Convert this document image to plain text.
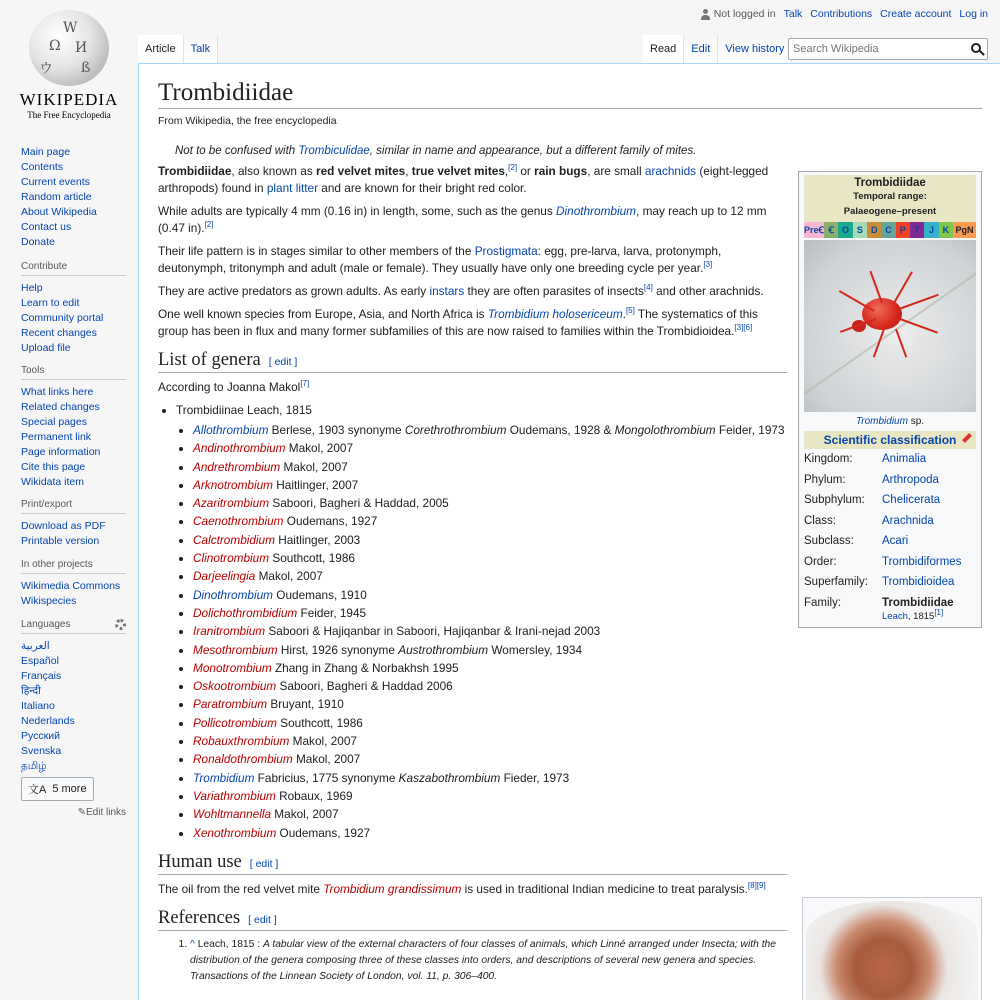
Ω И
W
ウ ß
WIKIPEDIA
The Free Encyclopedia
Main page
Contents
Current events
Random article
About Wikipedia
Contact us
Donate
Contribute
Help
Learn to edit
Community portal
Recent changes
Upload file
Tools
What links here
Related changes
Special pages
Permanent link
Page information
Cite this page
Wikidata item
Print/export
Download as PDF
Printable version
In other projects
Wikimedia Commons
Wikispecies
Languages
العربية
Español
Français
हिन्दी
Italiano
Nederlands
Русский
Svenska
தமிழ்
文A 5 more
✎Edit links
Not logged in Talk Contributions Create account Log in
Article	Talk	Read	Edit	View history
Search Wikipedia
Trombidiidae
From Wikipedia, the free encyclopedia
Not to be confused with Trombiculidae, similar in name and appearance, but a different family of mites.

Trombidiidae, also known as red velvet mites, true velvet mites,[2] or rain bugs, are small arachnids (eight-legged arthropods) found in plant litter and are known for their bright red color.

While adults are typically 4 mm (0.16 in) in length, some, such as the genus Dinothrombium, may reach up to 12 mm (0.47 in).[2]

Their life pattern is in stages similar to other members of the Prostigmata: egg, pre-larva, larva, protonymph, deutonymph, tritonymph and adult (male or female). They usually have only one breeding cycle per year.[3]

They are active predators as grown adults. As early instars they are often parasites of insects[4] and other arachnids.

One well known species from Europe, Asia, and North Africa is Trombidium holosericeum.[5] The systematics of this group has been in flux and many former subfamilies of this are now raised to families within the Trombidioidea.[3][6]

List of genera [ edit ]

According to Joanna Makol[7]

• Trombidiinae Leach, 1815
• Allothrombium Berlese, 1903 synonyme Corethrothrombium Oudemans, 1928 & Mongolothrombium Feider, 1973
• Andinothrombium Makol, 2007
• Andrethrombium Makol, 2007
• Arknotrombium Haitlinger, 2007
• Azaritrombium Saboori, Bagheri & Haddad, 2005
• Caenothrombium Oudemans, 1927
• Calctrombidium Haitlinger, 2003
• Clinotrombium Southcott, 1986
• Darjeelingia Makol, 2007
• Dinothrombium Oudemans, 1910
• Dolichothrombidium Feider, 1945
• Iranitrombium Saboori & Hajiqanbar in Saboori, Hajiqanbar & Irani-nejad 2003
• Mesothrombium Hirst, 1926 synonyme Austrothrombium Womersley, 1934
• Monotrombium Zhang in Zhang & Norbakhsh 1995
• Oskootrombium Saboori, Bagheri & Haddad 2006
• Paratrombium Bruyant, 1910
• Pollicotrombium Southcott, 1986
• Robauxthrombium Makol, 2007
• Ronaldothrombium Makol, 2007
• Trombidium Fabricius, 1775 synonyme Kaszabothrombium Fieder, 1973
• Variathrombium Robaux, 1969
• Wohltmannella Makol, 2007
• Xenothrombium Oudemans, 1927
Human use [ edit ]

The oil from the red velvet mite Trombidium grandissimum is used in traditional Indian medicine to treat paralysis.[8][9]

References [ edit ]
1. ^ Leach, 1815 : A tabular view of the external characters of four classes of animals, which Linné arranged under Insecta; with the distribution of the genera composing three of these classes into orders, and descriptions of several new genera and species. Transactions of the Linnean Society of London, vol. 11, p. 306–400.
Trombidiidae
Temporal range:
Palaeogene–present
PreꞒ Ꞓ O S D C P T	J K PgN
Trombidium sp.
Scientific classification
Kingdom:	Animalia
Phylum:	Arthropoda
Subphylum:	Chelicerata
Class:	Arachnida
Subclass:	Acari
Order:	Trombidiformes
Superfamily:	Trombidioidea
Family:	Trombidiidae
Leach, 1815[1]
